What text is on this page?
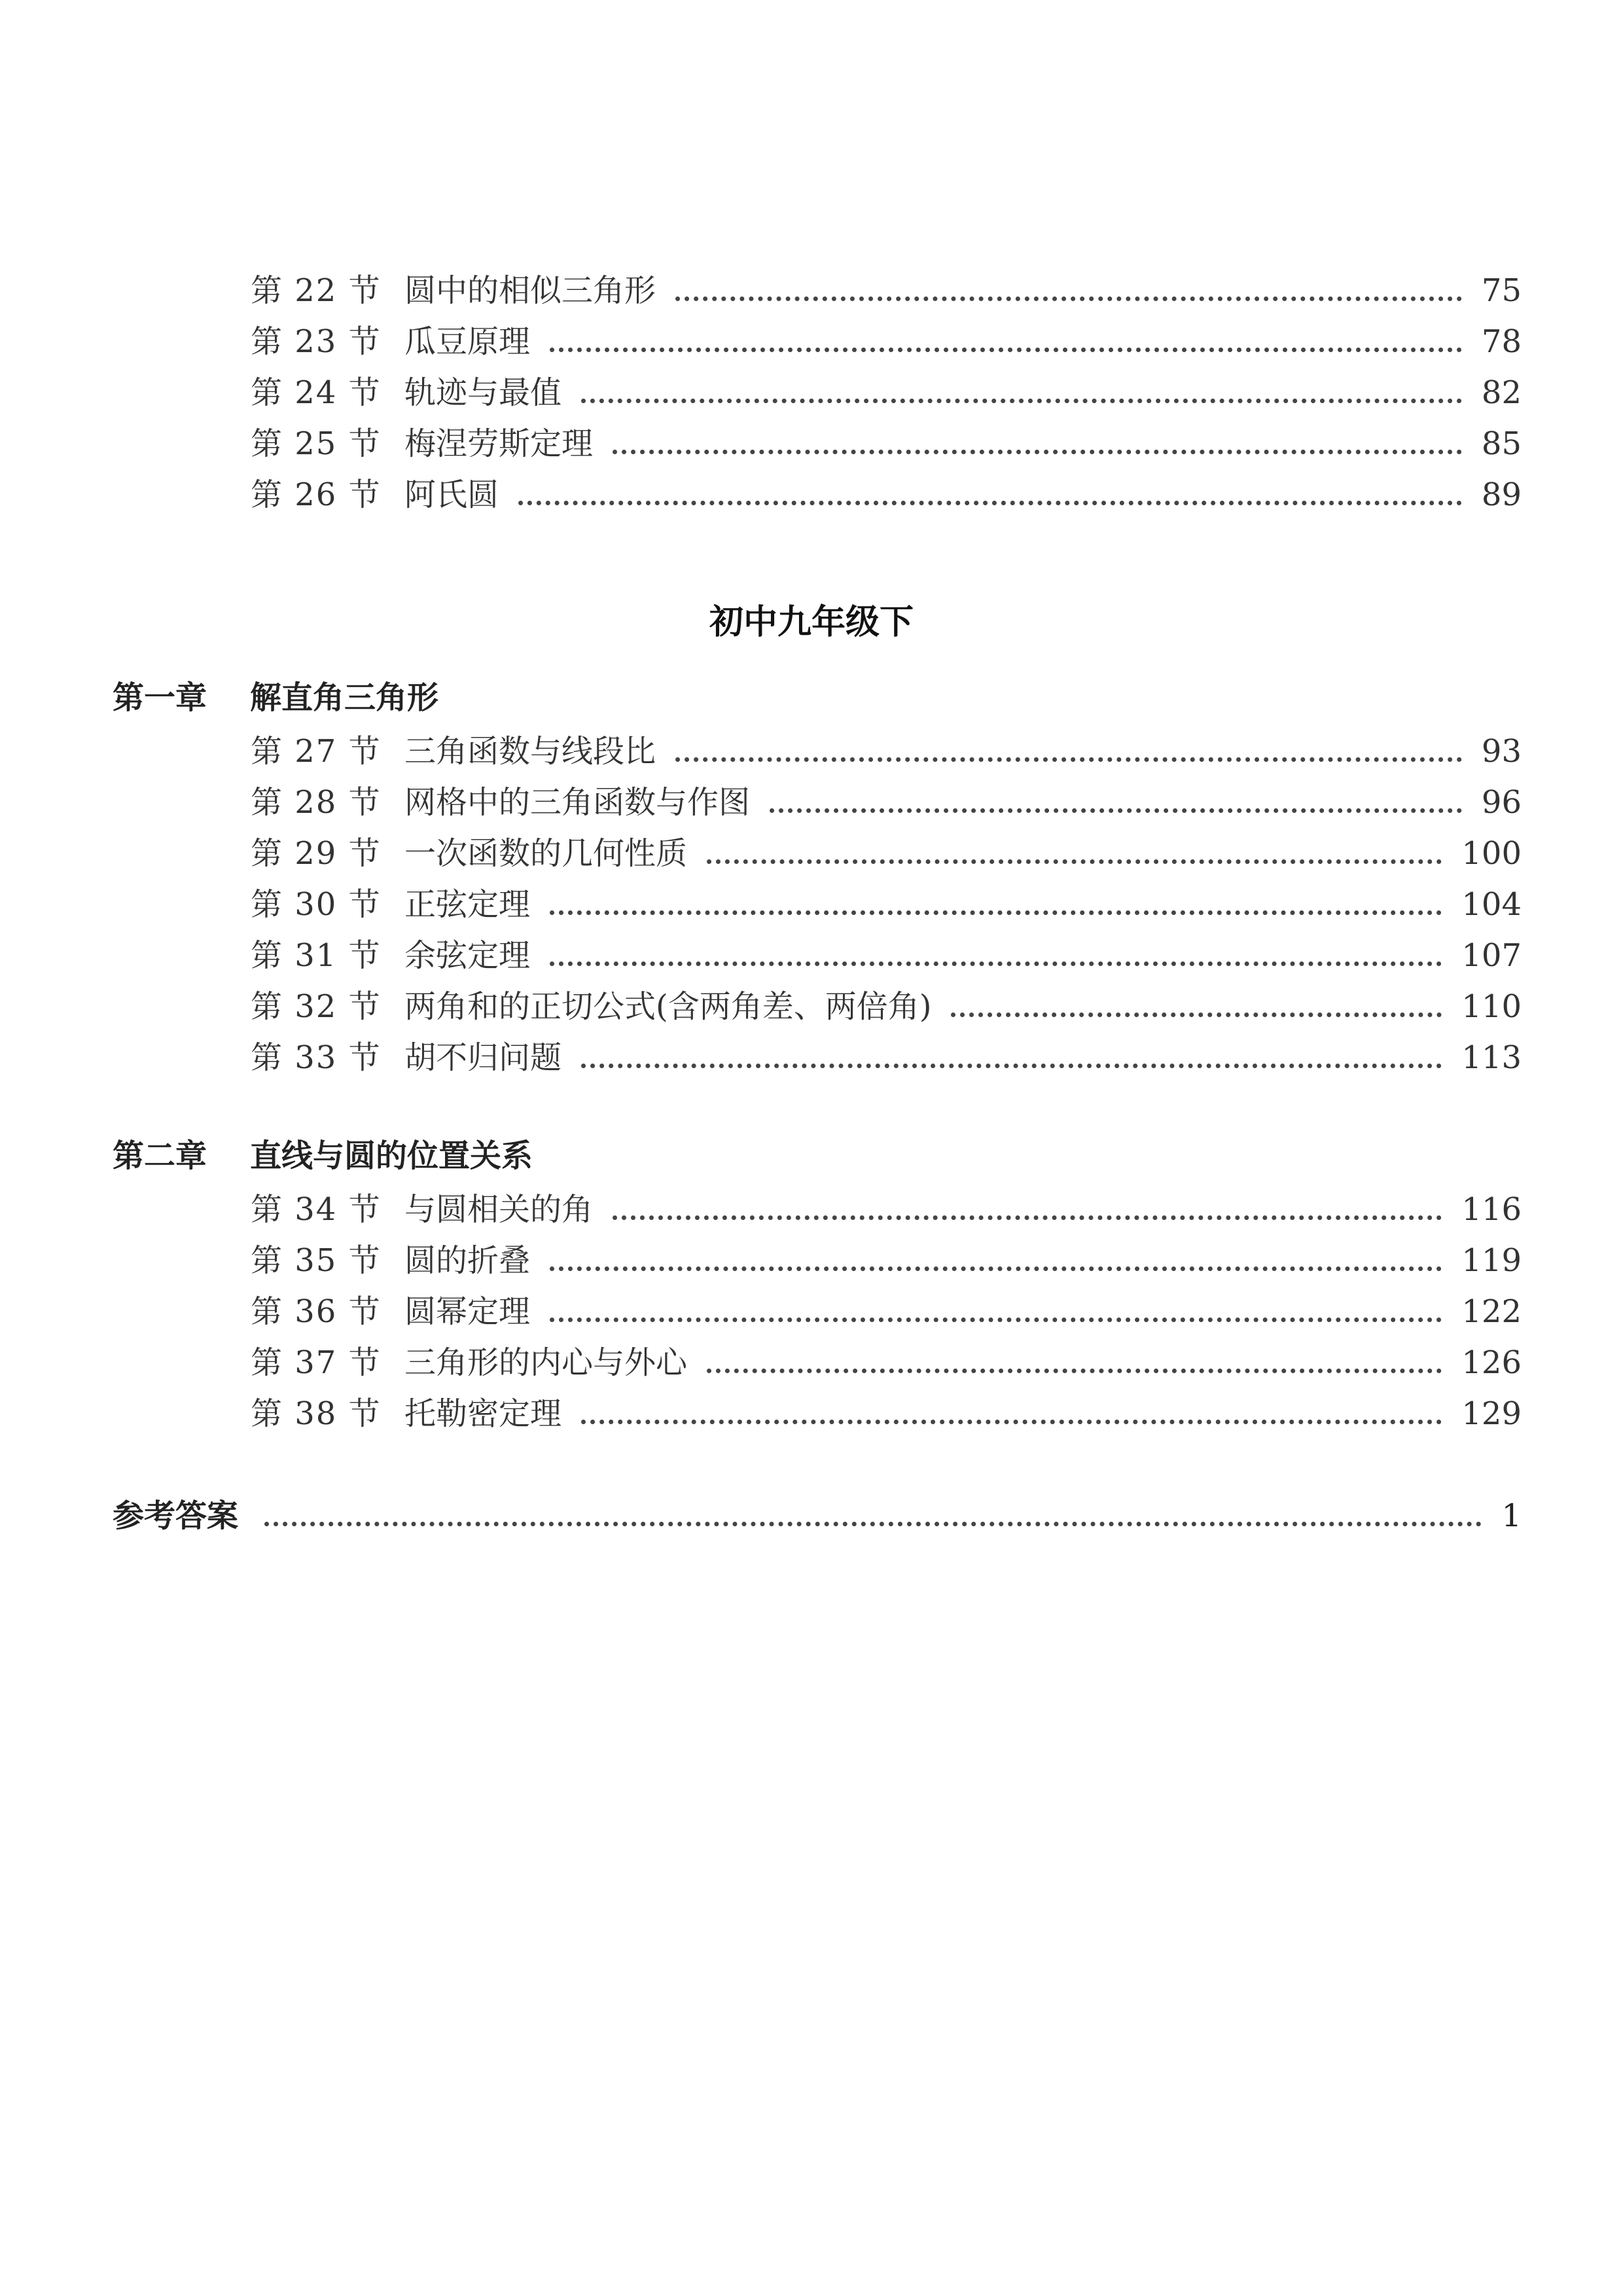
第 22 节 圆中的相似三角形	75
第 23 节 瓜豆原理	78
第 24 节 轨迹与最值	82
第 25 节 梅涅劳斯定理	85
第 26 节 阿氏圆	89
初中九年级下
第一章	解直角三角形
第 27 节 三角函数与线段比	93
第 28 节 网格中的三角函数与作图	96
第 29 节 一次函数的几何性质	100
第 30 节 正弦定理	104
第 31 节 余弦定理	107
第 32 节 两角和的正切公式(含两角差、两倍角)	110
第 33 节 胡不归问题	113
第二章	直线与圆的位置关系
第 34 节 与圆相关的角	116
第 35 节 圆的折叠	119
第 36 节 圆幂定理	122
第 37 节 三角形的内心与外心	126
第 38 节 托勒密定理	129
参考答案	1
